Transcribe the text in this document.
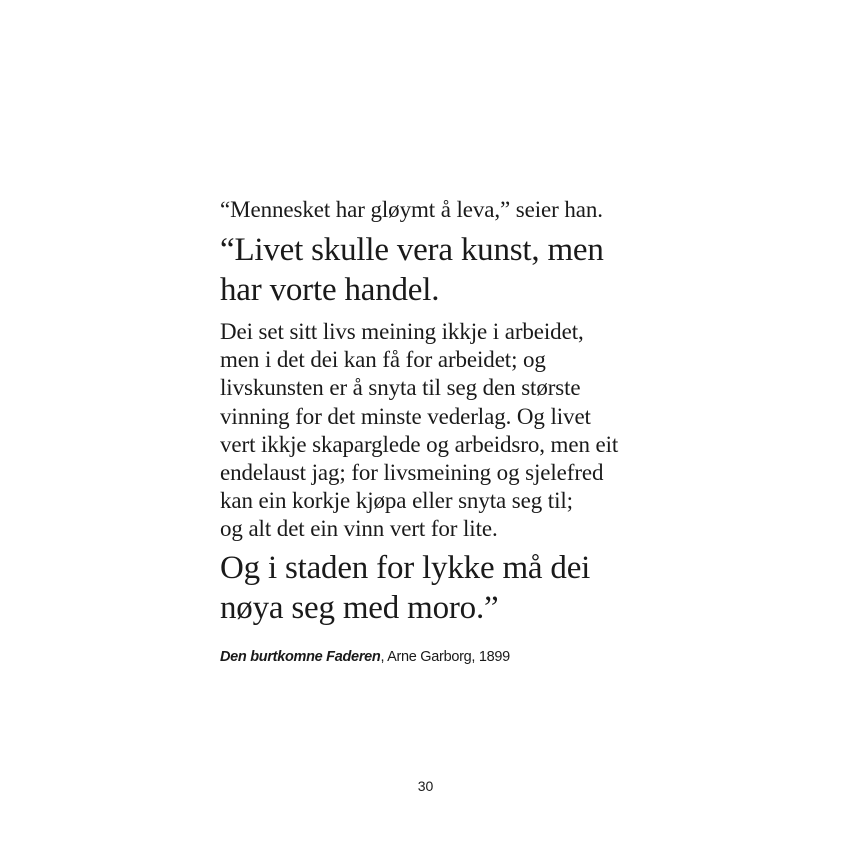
“Mennesket har gløymt å leva,” seier han.

“Livet skulle vera kunst, men
har vorte handel.
Dei set sitt livs meining ikkje i arbeidet,
men i det dei kan få for arbeidet; og
livskunsten er å snyta til seg den største
vinning for det minste vederlag. Og livet
vert ikkje skaparglede og arbeidsro, men eit
endelaust jag; for livsmeining og sjelefred
kan ein korkje kjøpa eller snyta seg til;
og alt det ein vinn vert for lite.
Og i staden for lykke må dei
nøya seg med moro.”
Den burtkomne Faderen, Arne Garborg, 1899
30
